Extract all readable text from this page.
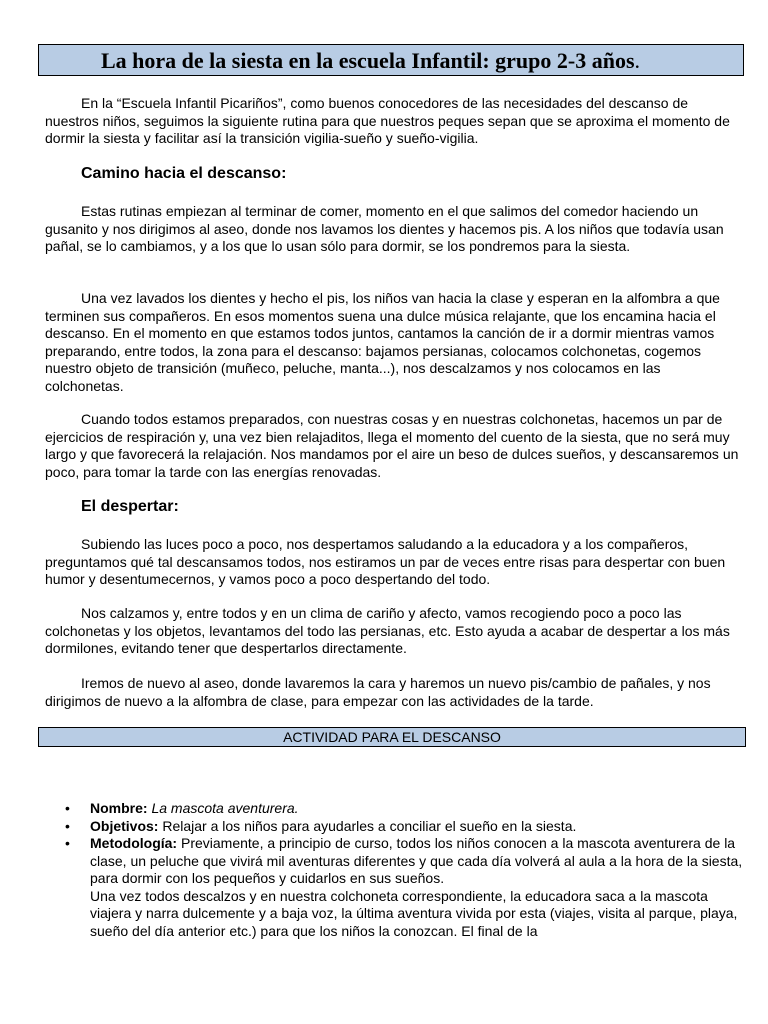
La hora de la siesta en la escuela Infantil: grupo 2-3 años.

En la “Escuela Infantil Picariños”, como buenos conocedores de las necesidades del descanso de nuestros niños, seguimos la siguiente rutina para que nuestros peques sepan que se aproxima el momento de dormir la siesta y facilitar así la transición vigilia-sueño y sueño-vigilia.

Camino hacia el descanso:

Estas rutinas empiezan al terminar de comer, momento en el que salimos del comedor haciendo un gusanito y nos dirigimos al aseo, donde nos lavamos los dientes y hacemos pis. A los niños que todavía usan pañal, se lo cambiamos, y a los que lo usan sólo para dormir, se los pondremos para la siesta.

Una vez lavados los dientes y hecho el pis, los niños van hacia la clase y esperan en la alfombra a que terminen sus compañeros. En esos momentos suena una dulce música relajante, que los encamina hacia el descanso. En el momento en que estamos todos juntos, cantamos la canción de ir a dormir mientras vamos preparando, entre todos, la zona para el descanso: bajamos persianas, colocamos colchonetas, cogemos nuestro objeto de transición (muñeco, peluche, manta...), nos descalzamos y nos colocamos en las colchonetas.

Cuando todos estamos preparados, con nuestras cosas y en nuestras colchonetas, hacemos un par de ejercicios de respiración y, una vez bien relajaditos, llega el momento del cuento de la siesta, que no será muy largo y que favorecerá la relajación. Nos mandamos por el aire un beso de dulces sueños, y descansaremos un poco, para tomar la tarde con las energías renovadas.

El despertar:

Subiendo las luces poco a poco, nos despertamos saludando a la educadora y a los compañeros, preguntamos qué tal descansamos todos, nos estiramos un par de veces entre risas para despertar con buen humor y desentumecernos, y vamos poco a poco despertando del todo.

Nos calzamos y, entre todos y en un clima de cariño y afecto, vamos recogiendo poco a poco las colchonetas y los objetos, levantamos del todo las persianas, etc. Esto ayuda a acabar de despertar a los más dormilones, evitando tener que despertarlos directamente.

Iremos de nuevo al aseo, donde lavaremos la cara y haremos un nuevo pis/cambio de pañales, y nos dirigimos de nuevo a la alfombra de clase, para empezar con las actividades de la tarde.

ACTIVIDAD PARA EL DESCANSO
• Nombre: La mascota aventurera.
• Objetivos: Relajar a los niños para ayudarles a conciliar el sueño en la siesta.
• Metodología: Previamente, a principio de curso, todos los niños conocen a la mascota aventurera de la clase, un peluche que vivirá mil aventuras diferentes y que cada día volverá al aula a la hora de la siesta, para dormir con los pequeños y cuidarlos en sus sueños.
Una vez todos descalzos y en nuestra colchoneta correspondiente, la educadora saca a la mascota viajera y narra dulcemente y a baja voz, la última aventura vivida por esta (viajes, visita al parque, playa, sueño del día anterior etc.) para que los niños la conozcan. El final de la
